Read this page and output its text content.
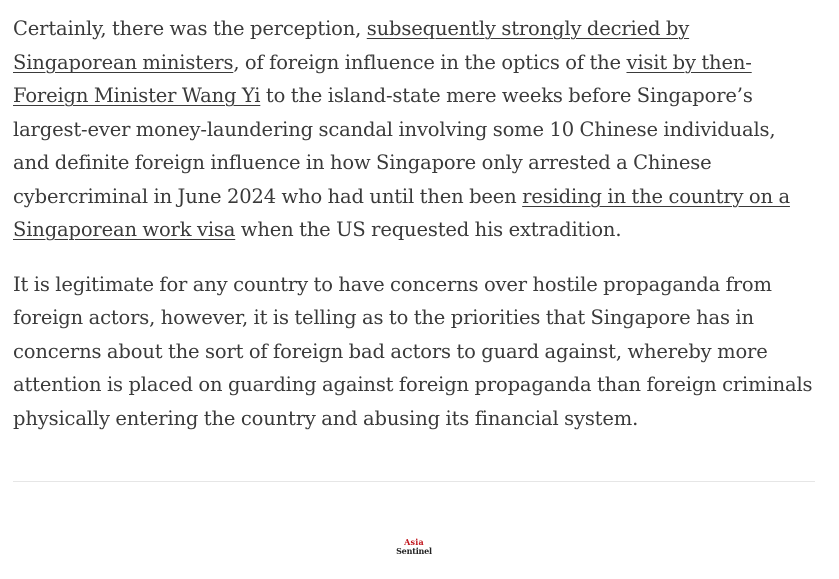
Certainly, there was the perception, subsequently strongly decried by Singaporean ministers, of foreign influence in the optics of the visit by then-Foreign Minister Wang Yi to the island-state mere weeks before Singapore’s largest-ever money-laundering scandal involving some 10 Chinese individuals, and definite foreign influence in how Singapore only arrested a Chinese cybercriminal in June 2024 who had until then been residing in the country on a Singaporean work visa when the US requested his extradition.

It is legitimate for any country to have concerns over hostile propaganda from foreign actors, however, it is telling as to the priorities that Singapore has in concerns about the sort of foreign bad actors to guard against, whereby more attention is placed on guarding against foreign propaganda than foreign criminals physically entering the country and abusing its financial system.

Asia
Sentinel
